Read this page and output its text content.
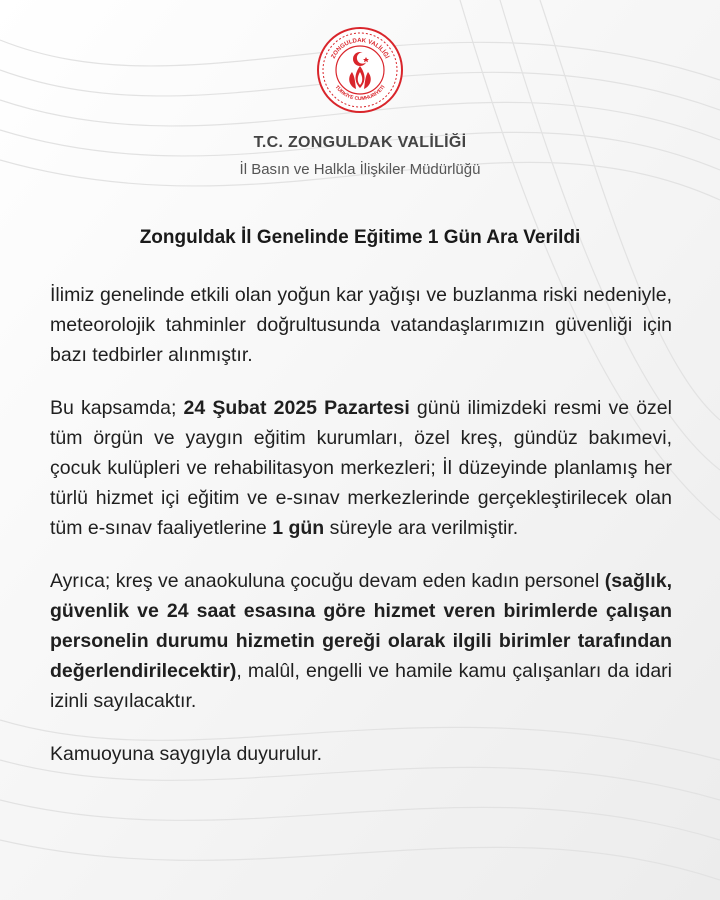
ZONGULDAK VALİLİĞİ
TÜRKİYE CUMHURİYETİ
T.C. ZONGULDAK VALİLİĞİ
İl Basın ve Halkla İlişkiler Müdürlüğü
Zonguldak İl Genelinde Eğitime 1 Gün Ara Verildi

İlimiz genelinde etkili olan yoğun kar yağışı ve buzlanma riski nedeniyle, meteorolojik tahminler doğrultusunda vatandaşlarımızın güvenliği için bazı tedbirler alınmıştır.

Bu kapsamda; 24 Şubat 2025 Pazartesi günü ilimizdeki resmi ve özel tüm örgün ve yaygın eğitim kurumları, özel kreş, gündüz bakımevi, çocuk kulüpleri ve rehabilitasyon merkezleri; İl düzeyinde planlamış her türlü hizmet içi eğitim ve e-sınav merkezlerinde gerçekleştirilecek olan tüm e-sınav faaliyetlerine 1 gün süreyle ara verilmiştir.

Ayrıca; kreş ve anaokuluna çocuğu devam eden kadın personel (sağlık, güvenlik ve 24 saat esasına göre hizmet veren birimlerde çalışan personelin durumu hizmetin gereği olarak ilgili birimler tarafından değerlendirilecektir), malûl, engelli ve hamile kamu çalışanları da idari izinli sayılacaktır.

Kamuoyuna saygıyla duyurulur.
